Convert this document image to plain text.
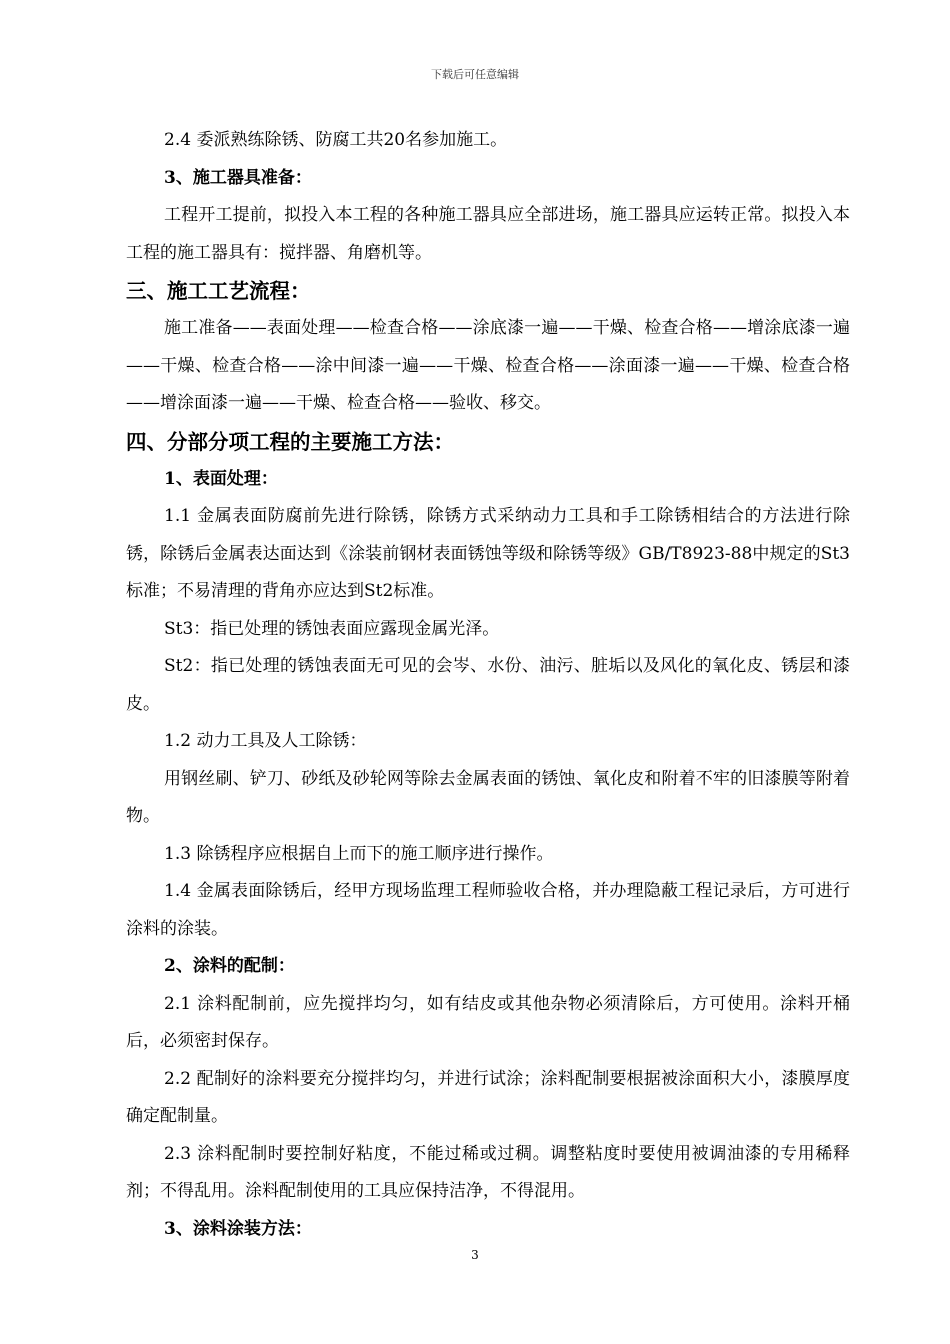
下载后可任意编辑

2.4 委派熟练除锈、防腐工共20名参加施工。

3、施工器具准备：

工程开工提前，拟投入本工程的各种施工器具应全部进场，施工器具应运转正常。拟投入本工程的施工器具有：搅拌器、角磨机等。

三、施工工艺流程：

施工准备——表面处理——检查合格——涂底漆一遍——干燥、检查合格——增涂底漆一遍——干燥、检查合格——涂中间漆一遍——干燥、检查合格——涂面漆一遍——干燥、检查合格——增涂面漆一遍——干燥、检查合格——验收、移交。

四、分部分项工程的主要施工方法：

1、表面处理：

1.1 金属表面防腐前先进行除锈，除锈方式采纳动力工具和手工除锈相结合的方法进行除锈，除锈后金属表达面达到《涂装前钢材表面锈蚀等级和除锈等级》GB/T8923-88中规定的St3标准；不易清理的背角亦应达到St2标准。

St3：指已处理的锈蚀表面应露现金属光泽。

St2：指已处理的锈蚀表面无可见的会岑、水份、油污、脏垢以及风化的氧化皮、锈层和漆皮。

1.2 动力工具及人工除锈：

用钢丝刷、铲刀、砂纸及砂轮网等除去金属表面的锈蚀、氧化皮和附着不牢的旧漆膜等附着物。

1.3 除锈程序应根据自上而下的施工顺序进行操作。

1.4 金属表面除锈后，经甲方现场监理工程师验收合格，并办理隐蔽工程记录后，方可进行涂料的涂装。

2、涂料的配制：

2.1 涂料配制前，应先搅拌均匀，如有结皮或其他杂物必须清除后，方可使用。涂料开桶后，必须密封保存。

2.2 配制好的涂料要充分搅拌均匀，并进行试涂；涂料配制要根据被涂面积大小，漆膜厚度确定配制量。

2.3 涂料配制时要控制好粘度，不能过稀或过稠。调整粘度时要使用被调油漆的专用稀释剂；不得乱用。涂料配制使用的工具应保持洁净，不得混用。

3、涂料涂装方法：

3
